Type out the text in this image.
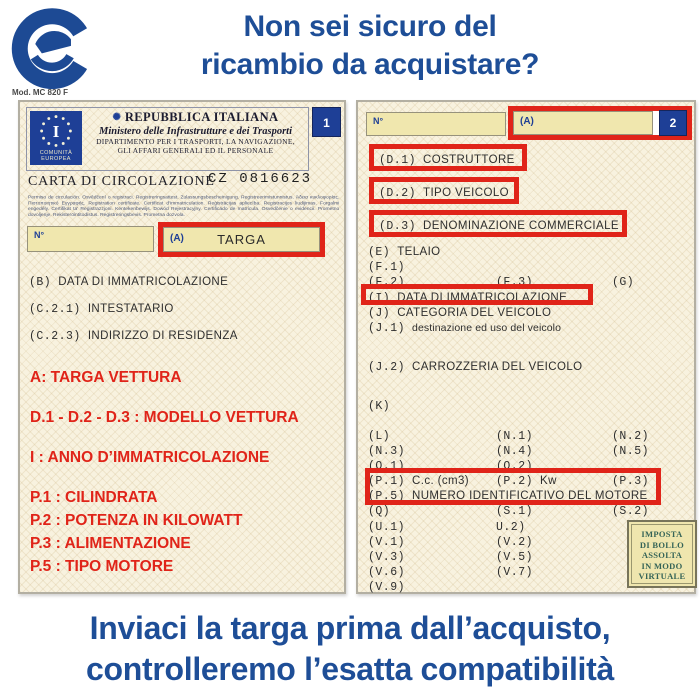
Non sei sicuro del
ricambio da acquistare?
Mod. MC 820 F
I
COMUNITÀ
EUROPEA
✺ REPUBBLICA ITALIANA
Ministero delle Infrastrutture e dei Trasporti
DIPARTIMENTO PER I TRASPORTI, LA NAVIGAZIONE,
GLI AFFARI GENERALI ED IL PERSONALE
1
CARTA DI CIRCOLAZIONE
CZ 0816623
Permiso de circulación. Osvědčení o registraci. Registreringsattest. Zulassungsbescheinigung. Registreerimistunnistus. Άδεια κυκλοφορίας. Πιστοποιητικό Εγγραφής. Registration certificate. Certificat d'immatriculation. Reģistrācijas apliecība. Registracijos liudijimas. Forgalmi engedély. Ċertifikat ta' Reġistrazzjoni. Kentekenbewijs. Dowód Rejestracyjny. Certificado de matrícula. Osvedčenie o evidencii. Prometno dovoljenje. Rekisteröintitodistus. Registreringsbevis. Prometna dozvola.
N°	(A)	TARGA
(B) DATA DI IMMATRICOLAZIONE
(C.2.1) INTESTATARIO
(C.2.3) INDIRIZZO DI RESIDENZA
A: TARGA VETTURA
D.1 - D.2 - D.3 : MODELLO VETTURA
I : ANNO D’IMMATRICOLAZIONE
P.1 : CILINDRATA
P.2 : POTENZA IN KILOWATT
P.3 : ALIMENTAZIONE
P.5 : TIPO MOTORE
N°	(A)	2
(D.1) COSTRUTTORE
(D.2) TIPO VEICOLO
(D.3) DENOMINAZIONE COMMERCIALE
(E) TELAIO
(F.1)
(F.2)	(F.3)	(G)
(I) DATA DI IMMATRICOLAZIONE
(J) CATEGORIA DEL VEICOLO
(J.1) destinazione ed uso del veicolo
(J.2) CARROZZERIA DEL VEICOLO
(K)
(L)	(N.1)	(N.2)
(N.3)	(N.4)	(N.5)
(O.1)	(O.2)
(P.1) C.c. (cm3) (P.2) Kw	(P.3)
(P.5) NUMERO IDENTIFICATIVO DEL MOTORE
(Q)	(S.1)	(S.2)
(U.1)	U.2)
(V.1)	(V.2)
(V.3)	(V.5)
(V.6)	(V.7)
(V.9)
IMPOSTA
DI BOLLO
ASSOLTA
IN MODO
VIRTUALE
Inviaci la targa prima dall’acquisto,
controlleremo l’esatta compatibilità
